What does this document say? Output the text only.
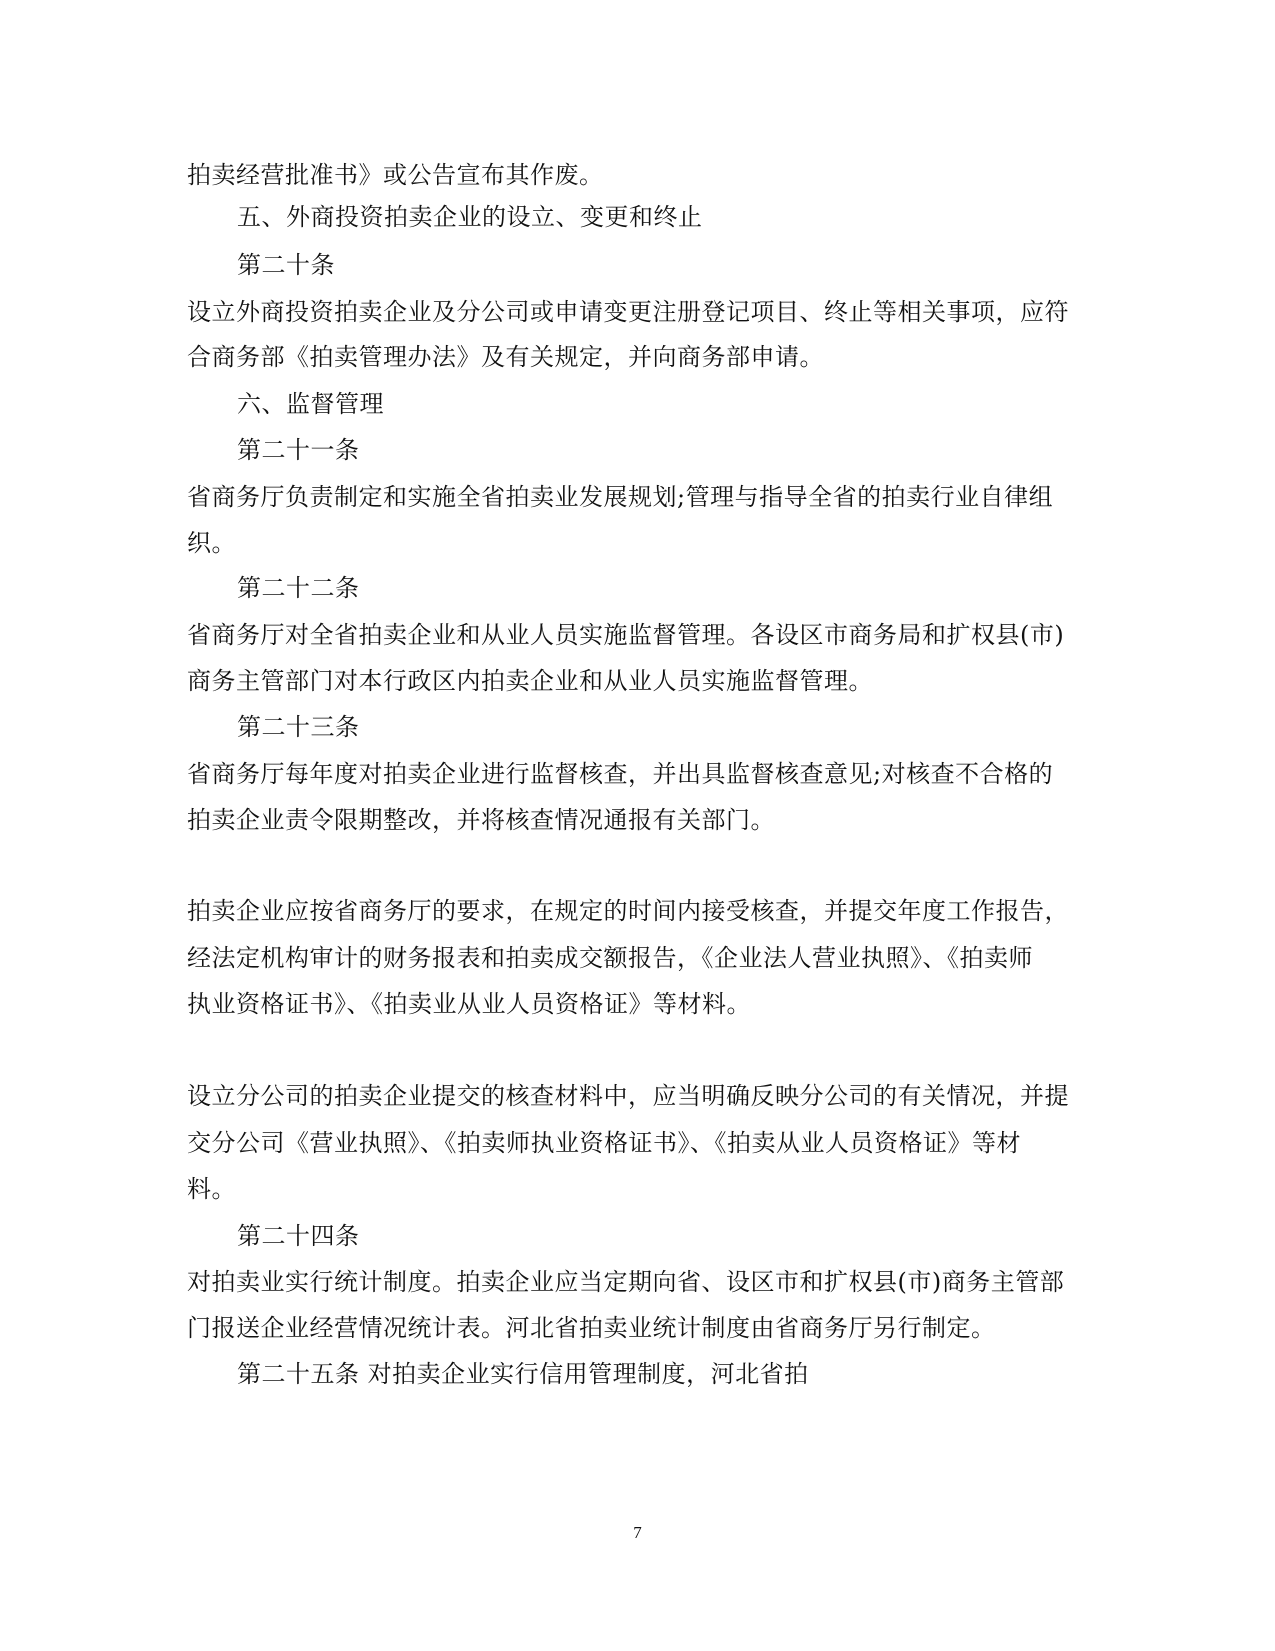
拍卖经营批准书》或公告宣布其作废。
五、外商投资拍卖企业的设立、变更和终止
第二十条
设立外商投资拍卖企业及分公司或申请变更注册登记项目、终止等相关事项，应符
合商务部《拍卖管理办法》及有关规定，并向商务部申请。
六、监督管理
第二十一条
省商务厅负责制定和实施全省拍卖业发展规划;管理与指导全省的拍卖行业自律组
织。
第二十二条
省商务厅对全省拍卖企业和从业人员实施监督管理。各设区市商务局和扩权县(市)
商务主管部门对本行政区内拍卖企业和从业人员实施监督管理。
第二十三条
省商务厅每年度对拍卖企业进行监督核查，并出具监督核查意见;对核查不合格的
拍卖企业责令限期整改，并将核查情况通报有关部门。
拍卖企业应按省商务厅的要求，在规定的时间内接受核查，并提交年度工作报告，
经法定机构审计的财务报表和拍卖成交额报告，《企业法人营业执照》、《拍卖师
执业资格证书》、《拍卖业从业人员资格证》等材料。
设立分公司的拍卖企业提交的核查材料中，应当明确反映分公司的有关情况，并提
交分公司《营业执照》、《拍卖师执业资格证书》、《拍卖从业人员资格证》等材
料。
第二十四条
对拍卖业实行统计制度。拍卖企业应当定期向省、设区市和扩权县(市)商务主管部
门报送企业经营情况统计表。河北省拍卖业统计制度由省商务厅另行制定。
第二十五条 对拍卖企业实行信用管理制度，河北省拍
7
